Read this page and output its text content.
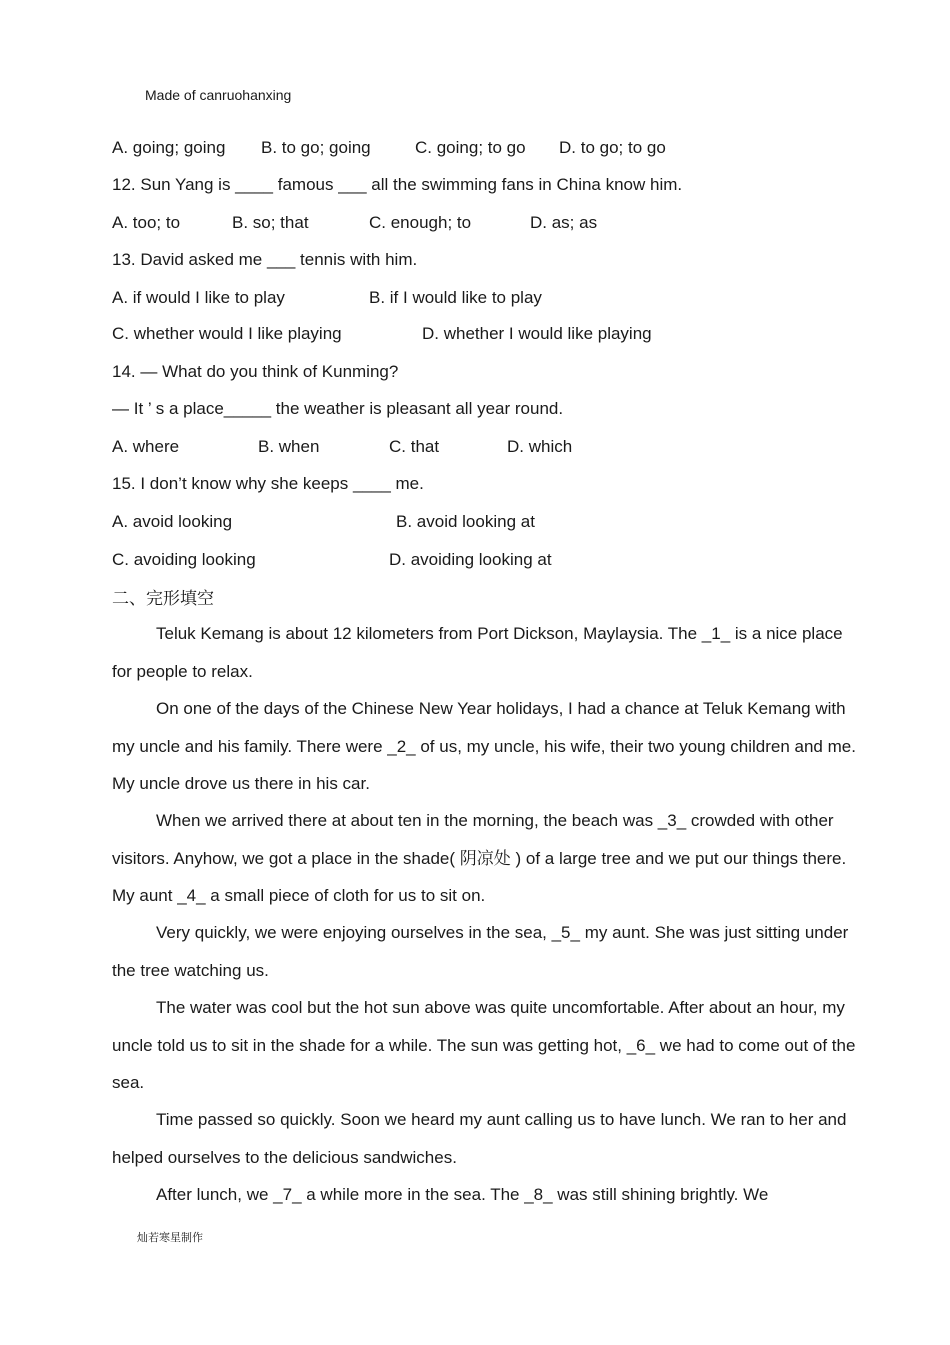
Made of canruohanxing
A. going; going B. to go; going	C. going; to go D. to go; to go
12. Sun Yang is ____ famous ___ all the swimming fans in China know him.
A. too; to	B. so; that	C. enough; to	D. as; as
13. David asked me ___ tennis with him.
A. if would I like to play	B. if I would like to play
C. whether would I like playing	D. whether I would like playing
14. — What do you think of Kunming?
— It ’ s a place_____ the weather is pleasant all year round.
A. where	B. when	C. that	D. which
15. I don’t know why she keeps ____ me.
A. avoid looking	B. avoid looking at
C. avoiding looking	D. avoiding looking at
二、完形填空
Teluk Kemang is about 12 kilometers from Port Dickson, Maylaysia. The _1_ is a nice place for people to relax.
On one of the days of the Chinese New Year holidays, I had a chance at Teluk Kemang with my uncle and his family. There were _2_ of us, my uncle, his wife, their two young children and me. My uncle drove us there in his car.
When we arrived there at about ten in the morning, the beach was _3_ crowded with other visitors. Anyhow, we got a place in the shade( 阴凉处 ) of a large tree and we put our things there. My aunt _4_ a small piece of cloth for us to sit on.
Very quickly, we were enjoying ourselves in the sea, _5_ my aunt. She was just sitting under the tree watching us.
The water was cool but the hot sun above was quite uncomfortable. After about an hour, my uncle told us to sit in the shade for a while. The sun was getting hot, _6_ we had to come out of the sea.
Time passed so quickly. Soon we heard my aunt calling us to have lunch. We ran to her and helped ourselves to the delicious sandwiches.
After lunch, we _7_ a while more in the sea. The _8_ was still shining brightly. We
灿若寒星制作
